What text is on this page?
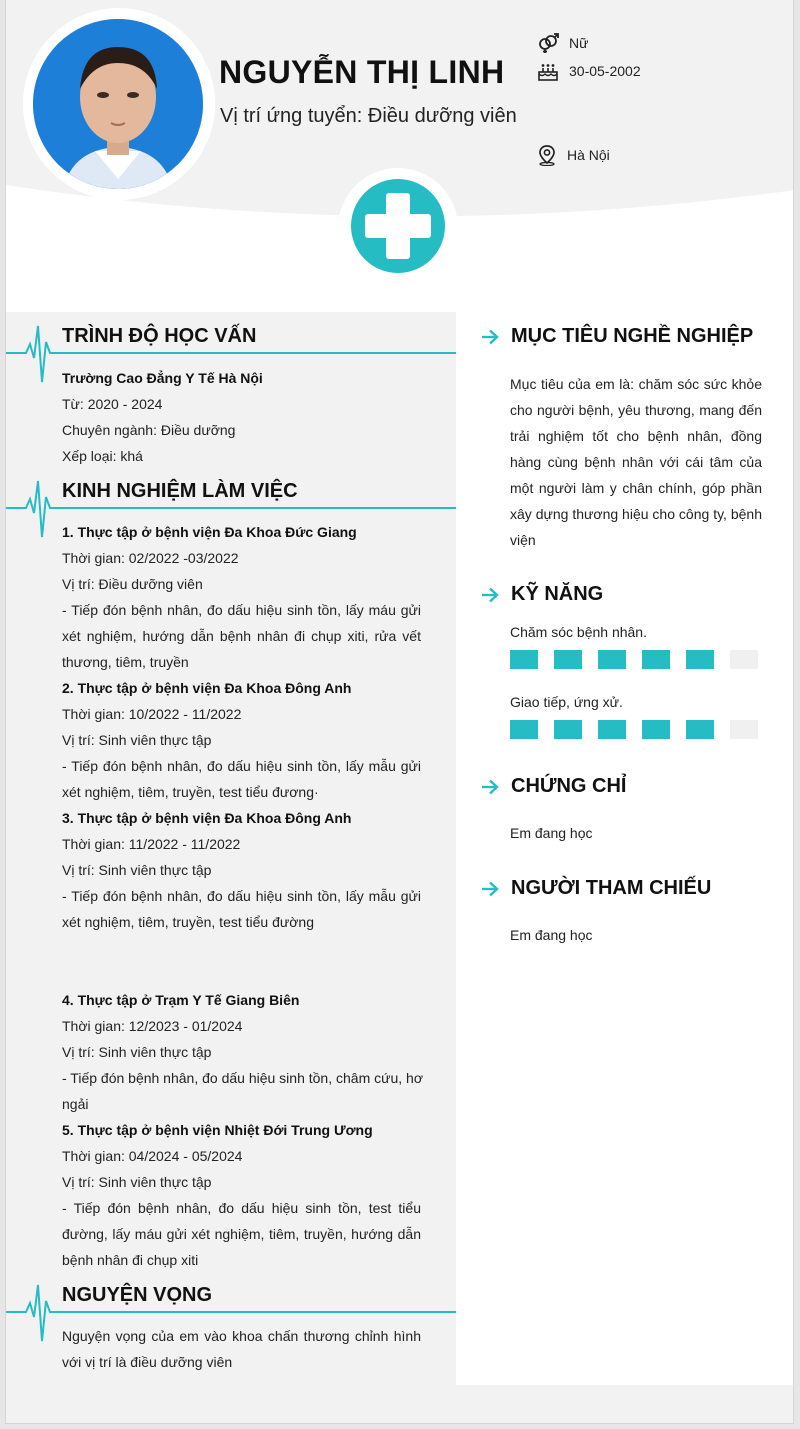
NGUYỄN THỊ LINH
Vị trí ứng tuyển: Điều dưỡng viên
Nữ
30-05-2002
Hà Nội
TRÌNH ĐỘ HỌC VẤN
Trường Cao Đẳng Y Tế Hà Nội
Từ: 2020 - 2024
Chuyên ngành: Điều dưỡng
Xếp loại: khá
KINH NGHIỆM LÀM VIỆC
1. Thực tập ở bệnh viện Đa Khoa Đức Giang
Thời gian: 02/2022 -03/2022
Vị trí: Điều dưỡng viên
- Tiếp đón bệnh nhân, đo dấu hiệu sinh tồn, lấy máu gửi
xét nghiệm, hướng dẫn bệnh nhân đi chụp xiti, rửa vết
thương, tiêm, truyền
2. Thực tập ở bệnh viện Đa Khoa Đông Anh
Thời gian: 10/2022 - 11/2022
Vị trí: Sinh viên thực tập
- Tiếp đón bệnh nhân, đo dấu hiệu sinh tồn, lấy mẫu gửi
xét nghiệm, tiêm, truyền, test tiểu đương·
3. Thực tập ở bệnh viện Đa Khoa Đông Anh
Thời gian: 11/2022 - 11/2022
Vị trí: Sinh viên thực tập
- Tiếp đón bệnh nhân, đo dấu hiệu sinh tồn, lấy mẫu gửi
xét nghiệm, tiêm, truyền, test tiểu đường
4. Thực tập ở Trạm Y Tế Giang Biên
Thời gian: 12/2023 - 01/2024
Vị trí: Sinh viên thực tập
- Tiếp đón bệnh nhân, đo dấu hiệu sinh tồn, châm cứu, hơ
ngải
5. Thực tập ở bệnh viện Nhiệt Đới Trung Ương
Thời gian: 04/2024 - 05/2024
Vị trí: Sinh viên thực tập
- Tiếp đón bệnh nhân, đo dấu hiệu sinh tồn, test tiểu
đường, lấy máu gửi xét nghiệm, tiêm, truyền, hướng dẫn
bệnh nhân đi chụp xiti
NGUYỆN VỌNG
Nguyện vọng của em vào khoa chấn thương chỉnh hình
với vị trí là điều dưỡng viên
MỤC TIÊU NGHỀ NGHIỆP
Mục tiêu của em là: chăm sóc sức khỏe
cho người bệnh, yêu thương, mang đến
trải nghiệm tốt cho bệnh nhân, đồng
hàng cùng bệnh nhân với cái tâm của
một người làm y chân chính, góp phần
xây dựng thương hiệu cho công ty, bệnh
viện
KỸ NĂNG
Chăm sóc bệnh nhân.
Giao tiếp, ứng xử.
CHỨNG CHỈ
Em đang học
NGƯỜI THAM CHIẾU
Em đang học
